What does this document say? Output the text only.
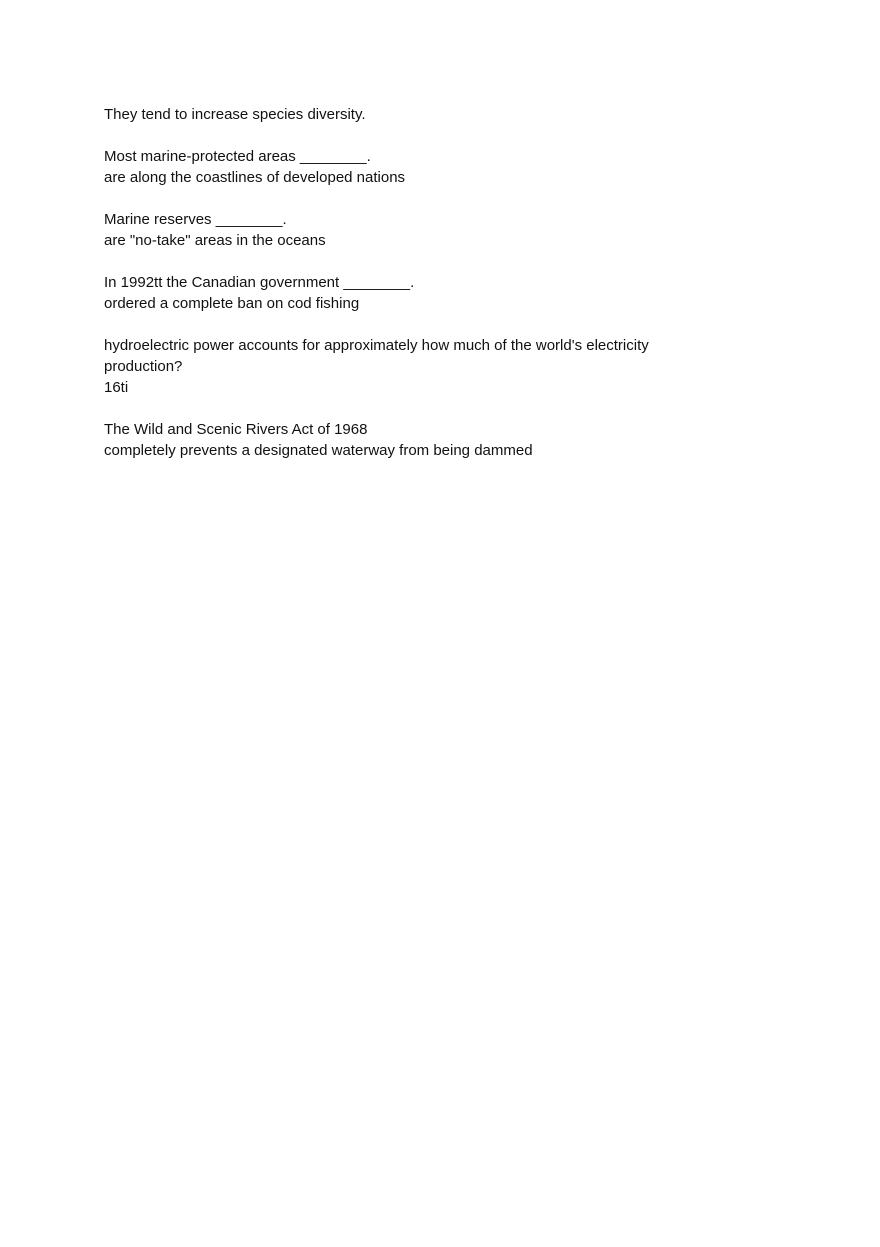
They tend to increase species diversity.
Most marine-protected areas ________.
are along the coastlines of developed nations
Marine reserves ________.
are "no-take" areas in the oceans
In 1992tt the Canadian government ________.
ordered a complete ban on cod fishing
hydroelectric power accounts for approximately how much of the world's electricity
production?
16ti
The Wild and Scenic Rivers Act of 1968
completely prevents a designated waterway from being dammed
